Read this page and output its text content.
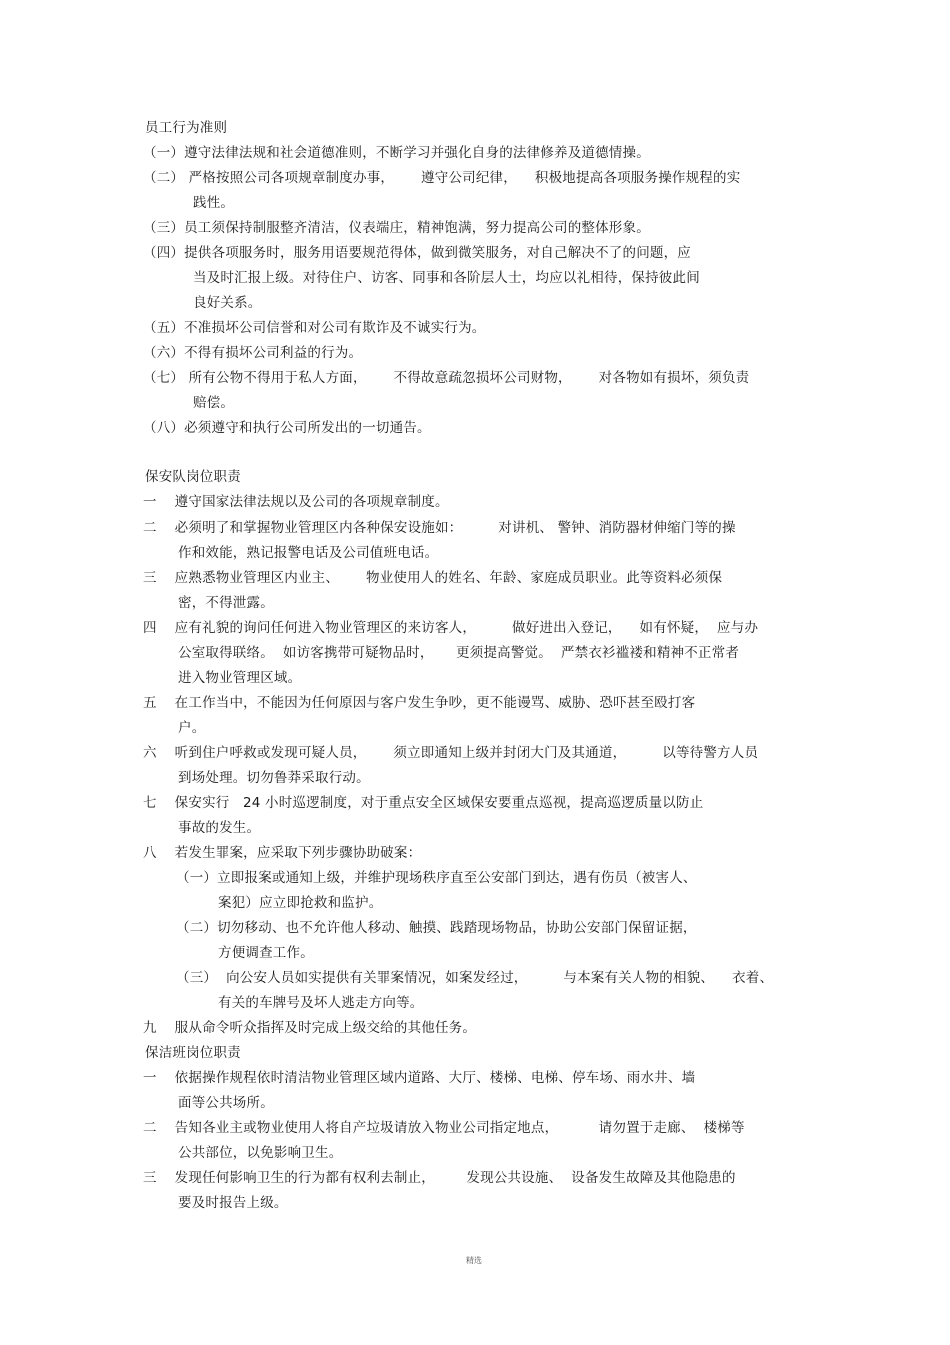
员工行为准则
（一）遵守法律法规和社会道德准则，不断学习并强化自身的法律修养及道德情操。
（二） 严格按照公司各项规章制度办事，      遵守公司纪律，    积极地提高各项服务操作规程的实
践性。
（三）员工须保持制服整齐清洁，仪表端庄，精神饱满，努力提高公司的整体形象。
（四）提供各项服务时，服务用语要规范得体，做到微笑服务，对自己解决不了的问题，应
当及时汇报上级。对待住户、访客、同事和各阶层人士，均应以礼相待，保持彼此间
良好关系。
（五）不准损坏公司信誉和对公司有欺诈及不诚实行为。
（六）不得有损坏公司利益的行为。
（七） 所有公物不得用于私人方面，      不得故意疏忽损坏公司财物，      对各物如有损坏，须负责
赔偿。
（八）必须遵守和执行公司所发出的一切通告。
保安队岗位职责
一    遵守国家法律法规以及公司的各项规章制度。
二    必须明了和掌握物业管理区内各种保安设施如：        对讲机、 警钟、消防器材伸缩门等的操
作和效能，熟记报警电话及公司值班电话。
三    应熟悉物业管理区内业主、      物业使用人的姓名、年龄、家庭成员职业。此等资料必须保
密，不得泄露。
四    应有礼貌的询问任何进入物业管理区的来访客人，        做好进出入登记，    如有怀疑，  应与办
公室取得联络。  如访客携带可疑物品时，     更须提高警觉。  严禁衣衫褴褛和精神不正常者
进入物业管理区域。
五    在工作当中，不能因为任何原因与客户发生争吵，更不能谩骂、威胁、恐吓甚至殴打客
户。
六    听到住户呼救或发现可疑人员，      须立即通知上级并封闭大门及其通道，        以等待警方人员
到场处理。切勿鲁莽采取行动。
七    保安实行   24 小时巡逻制度，对于重点安全区域保安要重点巡视，提高巡逻质量以防止
事故的发生。
八    若发生罪案，应采取下列步骤协助破案：
（一）立即报案或通知上级，并维护现场秩序直至公安部门到达，遇有伤员（被害人、
案犯）应立即抢救和监护。
（二）切勿移动、也不允许他人移动、触摸、践踏现场物品，协助公安部门保留证据，
方便调查工作。
（三）  向公安人员如实提供有关罪案情况，如案发经过，        与本案有关人物的相貌、    衣着、
有关的车牌号及坏人逃走方向等。
九    服从命令听众指挥及时完成上级交给的其他任务。
保洁班岗位职责
一    依据操作规程依时清洁物业管理区域内道路、大厅、楼梯、电梯、停车场、雨水井、墙
面等公共场所。
二    告知各业主或物业使用人将自产垃圾请放入物业公司指定地点，         请勿置于走廊、  楼梯等
公共部位，以免影响卫生。
三    发现任何影响卫生的行为都有权利去制止，       发现公共设施、  设备发生故障及其他隐患的
要及时报告上级。
精选
